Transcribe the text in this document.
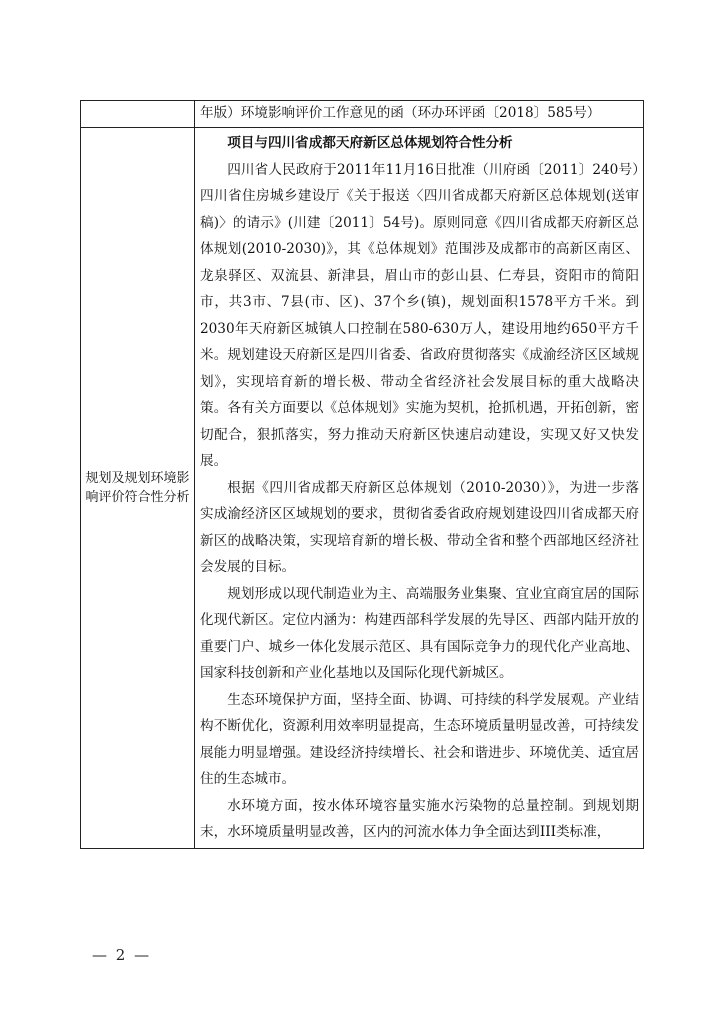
年版）环境影响评价工作意见的函（环办环评函〔2018〕585号）

规划及规划环境影响评价符合性分析

项目与四川省成都天府新区总体规划符合性分析

四川省人民政府于2011年11月16日批准（川府函〔2011〕240号）四川省住房城乡建设厅《关于报送〈四川省成都天府新区总体规划(送审稿)〉的请示》(川建〔2011〕54号)。原则同意《四川省成都天府新区总体规划(2010-2030)》，其《总体规划》范围涉及成都市的高新区南区、龙泉驿区、双流县、新津县，眉山市的彭山县、仁寿县，资阳市的简阳市，共3市、7县(市、区)、37个乡(镇)，规划面积1578平方千米。到2030年天府新区城镇人口控制在580-630万人，建设用地约650平方千米。规划建设天府新区是四川省委、省政府贯彻落实《成渝经济区区域规划》，实现培育新的增长极、带动全省经济社会发展目标的重大战略决策。各有关方面要以《总体规划》实施为契机，抢抓机遇，开拓创新，密切配合，狠抓落实，努力推动天府新区快速启动建设，实现又好又快发展。

根据《四川省成都天府新区总体规划（2010-2030）》，为进一步落实成渝经济区区域规划的要求，贯彻省委省政府规划建设四川省成都天府新区的战略决策，实现培育新的增长极、带动全省和整个西部地区经济社会发展的目标。

规划形成以现代制造业为主、高端服务业集聚、宜业宜商宜居的国际化现代新区。定位内涵为：构建西部科学发展的先导区、西部内陆开放的重要门户、城乡一体化发展示范区、具有国际竞争力的现代化产业高地、国家科技创新和产业化基地以及国际化现代新城区。

生态环境保护方面，坚持全面、协调、可持续的科学发展观。产业结构不断优化，资源利用效率明显提高，生态环境质量明显改善，可持续发展能力明显增强。建设经济持续增长、社会和谐进步、环境优美、适宜居住的生态城市。

水环境方面，按水体环境容量实施水污染物的总量控制。到规划期末，水环境质量明显改善，区内的河流水体力争全面达到III类标准，

— 2 —
